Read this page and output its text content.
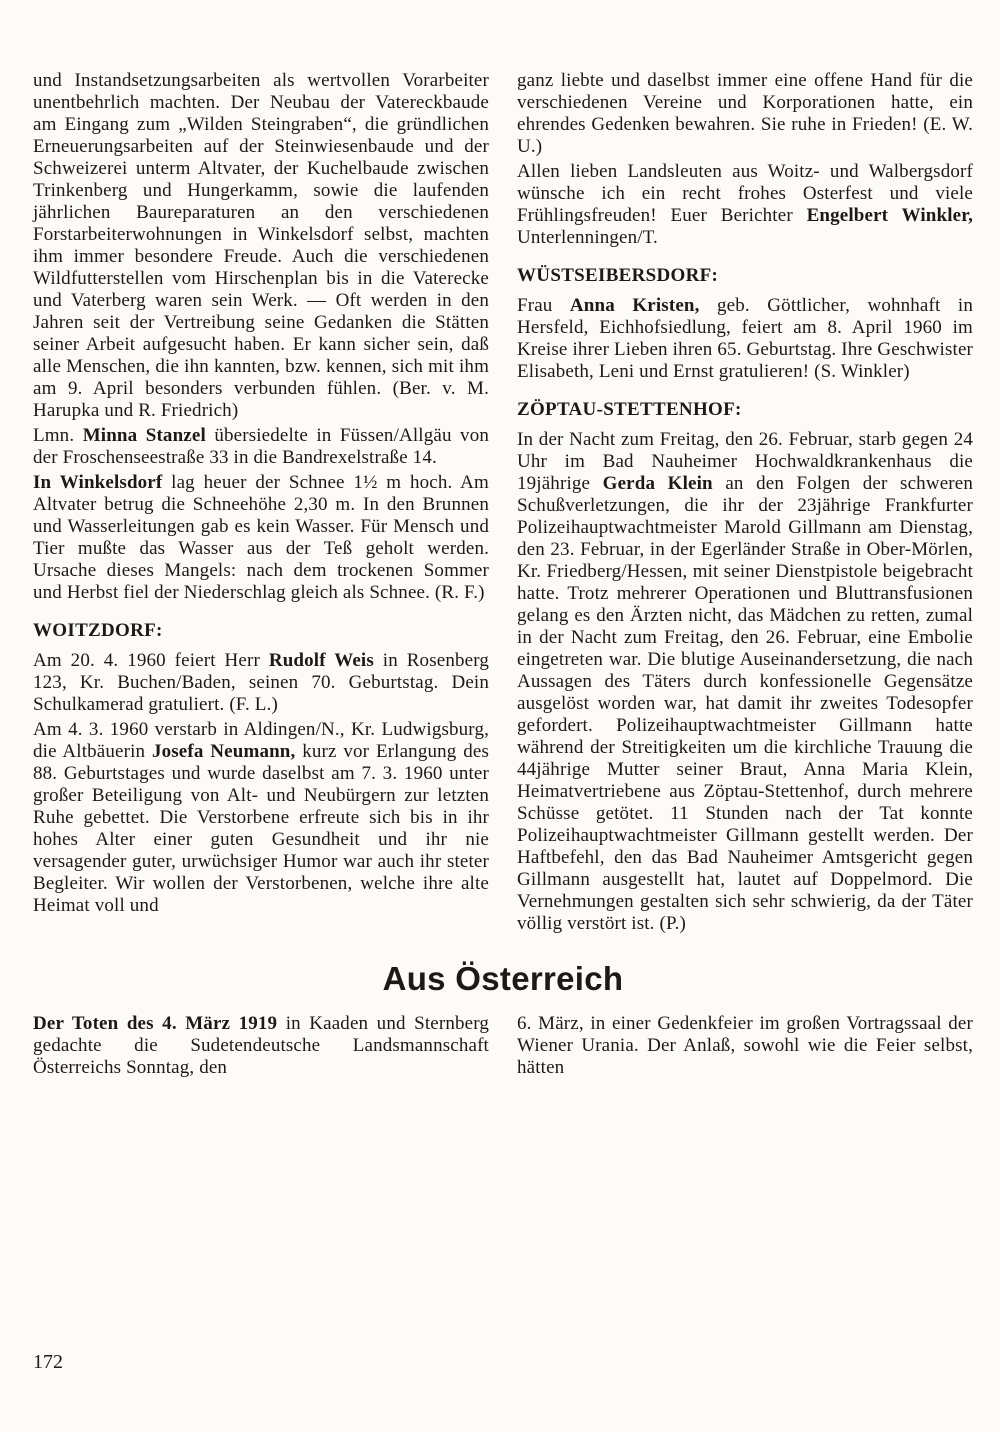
und Instandsetzungsarbeiten als wertvollen Vorarbeiter unentbehrlich machten. Der Neubau der Vatereckbaude am Eingang zum „Wilden Steingraben“, die gründlichen Erneuerungsarbeiten auf der Steinwiesenbaude und der Schweizerei unterm Altvater, der Kuchelbaude zwischen Trinkenberg und Hungerkamm, sowie die laufenden jährlichen Baureparaturen an den verschiedenen Forstarbeiterwohnungen in Winkelsdorf selbst, machten ihm immer besondere Freude. Auch die verschiedenen Wildfutterstellen vom Hirschenplan bis in die Vaterecke und Vaterberg waren sein Werk. — Oft werden in den Jahren seit der Vertreibung seine Gedanken die Stätten seiner Arbeit aufgesucht haben. Er kann sicher sein, daß alle Menschen, die ihn kannten, bzw. kennen, sich mit ihm am 9. April besonders verbunden fühlen. (Ber. v. M. Harupka und R. Friedrich)

Lmn. Minna Stanzel übersiedelte in Füssen/Allgäu von der Froschenseestraße 33 in die Bandrexelstraße 14.

In Winkelsdorf lag heuer der Schnee 1½ m hoch. Am Altvater betrug die Schneehöhe 2,30 m. In den Brunnen und Wasserleitungen gab es kein Wasser. Für Mensch und Tier mußte das Wasser aus der Teß geholt werden. Ursache dieses Mangels: nach dem trockenen Sommer und Herbst fiel der Niederschlag gleich als Schnee. (R. F.)

WOITZDORF:

Am 20. 4. 1960 feiert Herr Rudolf Weis in Rosenberg 123, Kr. Buchen/Baden, seinen 70. Geburtstag. Dein Schulkamerad gratuliert. (F. L.)

Am 4. 3. 1960 verstarb in Aldingen/N., Kr. Ludwigsburg, die Altbäuerin Josefa Neumann, kurz vor Erlangung des 88. Geburtstages und wurde daselbst am 7. 3. 1960 unter großer Beteiligung von Alt- und Neubürgern zur letzten Ruhe gebettet. Die Verstorbene erfreute sich bis in ihr hohes Alter einer guten Gesundheit und ihr nie versagender guter, urwüchsiger Humor war auch ihr steter Begleiter. Wir wollen der Verstorbenen, welche ihre alte Heimat voll und

ganz liebte und daselbst immer eine offene Hand für die verschiedenen Vereine und Korporationen hatte, ein ehrendes Gedenken bewahren. Sie ruhe in Frieden! (E. W. U.)

Allen lieben Landsleuten aus Woitz- und Walbergsdorf wünsche ich ein recht frohes Osterfest und viele Frühlingsfreuden! Euer Berichter Engelbert Winkler, Unterlenningen/T.

WÜSTSEIBERSDORF:

Frau Anna Kristen, geb. Göttlicher, wohnhaft in Hersfeld, Eichhofsiedlung, feiert am 8. April 1960 im Kreise ihrer Lieben ihren 65. Geburtstag. Ihre Geschwister Elisabeth, Leni und Ernst gratulieren! (S. Winkler)

ZÖPTAU-STETTENHOF:

In der Nacht zum Freitag, den 26. Februar, starb gegen 24 Uhr im Bad Nauheimer Hochwaldkrankenhaus die 19jährige Gerda Klein an den Folgen der schweren Schußverletzungen, die ihr der 23jährige Frankfurter Polizeihauptwachtmeister Marold Gillmann am Dienstag, den 23. Februar, in der Egerländer Straße in Ober-Mörlen, Kr. Friedberg/Hessen, mit seiner Dienstpistole beigebracht hatte. Trotz mehrerer Operationen und Bluttransfusionen gelang es den Ärzten nicht, das Mädchen zu retten, zumal in der Nacht zum Freitag, den 26. Februar, eine Embolie eingetreten war. Die blutige Auseinandersetzung, die nach Aussagen des Täters durch konfessionelle Gegensätze ausgelöst worden war, hat damit ihr zweites Todesopfer gefordert. Polizeihauptwachtmeister Gillmann hatte während der Streitigkeiten um die kirchliche Trauung die 44jährige Mutter seiner Braut, Anna Maria Klein, Heimatvertriebene aus Zöptau-Stettenhof, durch mehrere Schüsse getötet. 11 Stunden nach der Tat konnte Polizeihauptwachtmeister Gillmann gestellt werden. Der Haftbefehl, den das Bad Nauheimer Amtsgericht gegen Gillmann ausgestellt hat, lautet auf Doppelmord. Die Vernehmungen gestalten sich sehr schwierig, da der Täter völlig verstört ist. (P.)

Aus Österreich

Der Toten des 4. März 1919 in Kaaden und Sternberg gedachte die Sudetendeutsche Landsmannschaft Österreichs Sonntag, den

6. März, in einer Gedenkfeier im großen Vortragssaal der Wiener Urania. Der Anlaß, sowohl wie die Feier selbst, hätten

172
